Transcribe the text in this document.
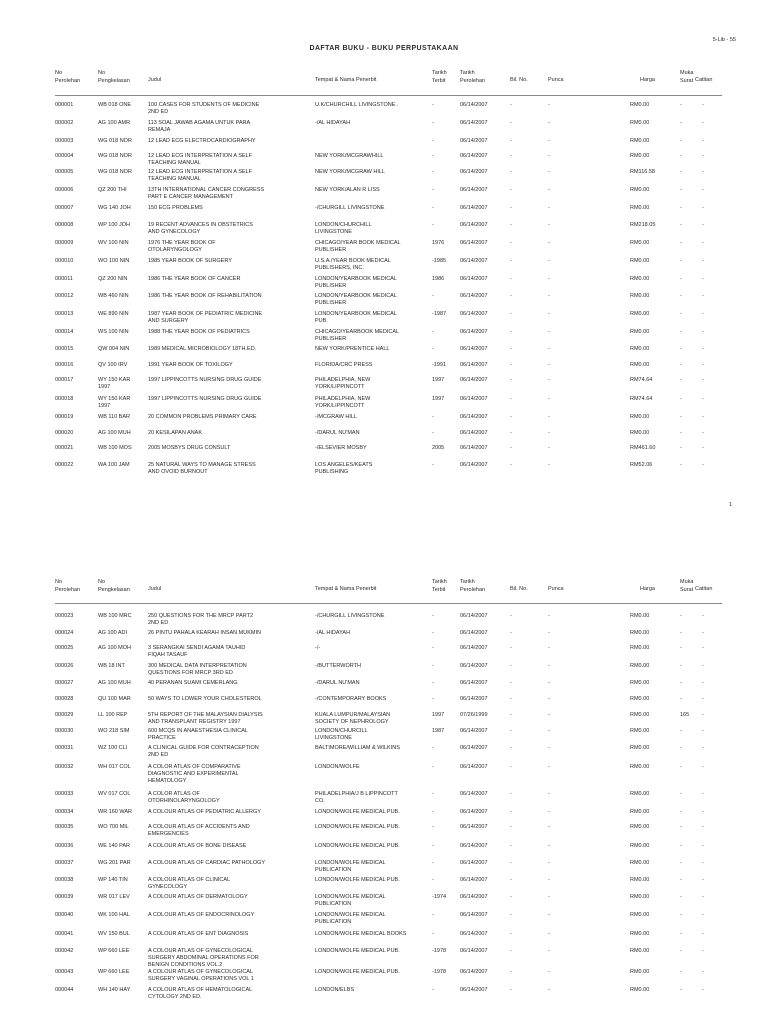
5-Lib - 55
DAFTAR BUKU - BUKU PERPUSTAKAAN
No
Perolehan
No
Pengkelasan	Judul	Tempat & Nama Penerbit
Tarikh
Terbit
Tarikh
Perolehan	Bil. No.	Punca	Harga
Muka
Surat Catitan
000001	WB 018 ONE	100 CASES FOR STUDENTS OF MEDICINE
2ND ED
U.K/CHURCHILL LIVINGSTONE .	-	06/14/2007	-	-	RM0.00	-	-
000002	AG 100 AMR	113 SOAL JAWAB AGAMA UNTUK PARA
REMAJA
-/AL HIDAYAH	-	06/14/2007	-	-	RM0.00	-	-
000003	WG 018 NOR	12 LEAD ECG ELECTROCARDIOGRAPHY	-	06/14/2007	-	-	RM0.00	-	-
000004	WG 018 NOR	12 LEAD ECG INTERPRETATION A SELF
TEACHING MANUAL
NEW YORK/MCGRAWHILL	-	06/14/2007	-	-	RM0.00	-	-
000005	WG 018 NOR	12 LEAD ECG INTERPRETATION A SELF
TEACHING MANUAL
NEW YORK/MCGRAW HILL	-	06/14/2007	-	-	RM116.58	-	-
000006	QZ 200 THI	13TH INTERNATIONAL CANCER CONGRESS
PART E CANCER MANAGEMENT
NEW YORK/ALAN R LISS	-	06/14/2007	-	-	RM0.00	-	-
000007	WG 140 JOH	150 ECG PROBLEMS	-/CHURGILL LIVINGSTONE	-	06/14/2007	-	-	RM0.00	-	-
000008	WP 100 JOH	19 RECENT ADVANCES IN OBSTETRICS
AND GYNECOLOGY
LONDON/CHURCHILL
LIVINGSTONE
-	06/14/2007	-	-	RM218.05	-	-
000009	WV 100 NIN	1976 THE YEAR BOOK OF
OTOLARYNGOLOGY
CHICAGO/YEAR BOOK MEDICAL
PUBLISHER
1976	06/14/2007	-	-	RM0.00	-	-
000010	WO 100 NIN	1985 YEAR BOOK OF SURGERY	U.S.A./YEAR BOOK MEDICAL
PUBLISHERS, INC.
-1985	06/14/2007	-	-	RM0.00	-	-
000011	QZ 200 NIN	1986 THE YEAR BOOK OF CANCER	LONDON/YEARBOOK MEDICAL
PUBLISHER
1986	06/14/2007	-	-	RM0.00	-	-
000012	WB 460 NIN	1986 THE YEAR BOOK OF REHABILITATION	LONDON/YEARBOOK MEDICAL
PUBLISHER
-	06/14/2007	-	-	RM0.00	-	-
000013	WE 890 NIN	1987 YEAR BOOK OF PEDIATRIC MEDICINE
AND SURGERY
LONDON/YEARBOOK MEDICAL
PUB.
-1987	06/14/2007	-	-	RM0.00	-	-
000014	WS 100 NIN	1988 THE YEAR BOOK OF PEDIATRICS	CHICAGO/YEARBOOK MEDICAL
PUBLISHER
-	06/14/2007	-	-	RM0.00	-	-
000015	QW 004 NIN	1989 MEDICAL MICROBIOLOGY 18TH.ED.	NEW YORK/PRENTICE HALL	-	06/14/2007	-	-	RM0.00	-	-
000016	QV 100 IRV	1991 YEAR BOOK OF TOXILOGY	FLORIDA/CRC PRESS	-1991	06/14/2007	-	-	RM0.00	-	-
000017	WY 150 KAR
1997
1997 LIPPINCOTTS NURSING DRUG GUIDE	PHILADELPHIA, NEW
YORK/LIPPINCOTT
1997	06/14/2007	-	-	RM74.64	-	-
000018	WY 150 KAR
1997
1997 LIPPINCOTTS NURSING DRUG GUIDE	PHILADELPHIA, NEW
YORK/LIPPINCOTT
1997	06/14/2007	-	-	RM74.64	-	-
000019	WB 110 BAR	20 COMMON PROBLEMS PRIMARY CARE	-/MCGRAW HILL	-	06/14/2007	-	-	RM0.00	-	-
000020	AG 100 MUH	20 KESILAPAN ANAK	-/DARUL NU'MAN	-	06/14/2007	-	-	RM0.00	-	-
000021	WB 100 MOS	2005 MOSBYS DRUG CONSULT	-/ELSEVIER MOSBY	2005	06/14/2007	-	-	RM461.60	-	-
000022	WA 100 JAM	25 NATURAL WAYS TO MANAGE STRESS
AND OVOID BURNOUT
LOS ANGELES/KEATS
PUBLISHING
-	06/14/2007	-	-	RM52.06	-	-
1
No
Perolehan
No
Pengkelasan	Judul	Tempat & Nama Penerbit
Tarikh
Terbit
Tarikh
Perolehan	Bil. No.	Punca	Harga
Muka
Surat Catitan
000023	WB 100 MRC	250 QUESTIONS FOR THE MRCP PART2
2ND ED
-/CHURGILL LIVINGSTONE	-	06/14/2007	-	-	RM0.00	-	-
000024	AG 100 ADI	26 PINTU PAHALA KEARAH INSAN MUKMIN	-/AL HIDAYAH	-	06/14/2007	-	-	RM0.00	-	-
000025	AG 100 MOH	3 SERANGKAI SENDI AGAMA TAUHID
FIQAH TASAUF
-/-	-	06/14/2007	-	-	RM0.00	-	-
000026	WB 18 INT	300 MEDICAL DATA INTERPRETATION
QUESTIONS FOR MRCP 3RD ED
-/BUTTERWORTH	-	06/14/2007	-	-	RM0.00	-	-
000027	AG 100 MUH	40 PERANAN SUAMI CEMERLANG	-/DARUL NU'MAN	-	06/14/2007	-	-	RM0.00	-	-
000028	QU 100 MAR	50 WAYS TO LOWER YOUR CHOLESTEROL	-/CONTEMPORARY BOOKS	-	06/14/2007	-	-	RM0.00	-	-
000029	LL 100 REP	5TH REPORT OF THE MALAYSIAN DIALYSIS
AND TRANSPLANT REGISTRY 1997
KUALA LUMPUR/MALAYSIAN
SOCIETY OF NEPHROLOGY
1997	07/26/1999	-	-	RM0.00	165 -
000030	WO 218 SIM	600 MCQS IN ANAESTHESIA CLINICAL
PRACTICE
LONDON/CHURCILL
LIVINGSTONE
1987	06/14/2007	-	-	RM0.00	-	-
000031	WZ 100 CLI	A CLINICAL GUIDE FOR CONTRACEPTION
2ND ED
BALTIMORE/WILLIAM & WILKINS	-	06/14/2007	-	-	RM0.00	-	-
000032	WH 017 COL	A COLOR ATLAS OF COMPARATIVE
DIAGNOSTIC AND EXPERIMENTAL
HEMATOLOGY
LONDON/WOLFE	-	06/14/2007	-	-	RM0.00	-	-
000033	WV 017 COL	A COLOR ATLAS OF
OTORHINOLARYNGOLOGY
PHILADELPHIA/J B LIPPINCOTT
CO.
-	06/14/2007	-	-	RM0.00	-	-
000034	WR 160 WAR	A COLOUR ATLAS OF PEDIATRIC ALLERGY	LONDON/WOLFE MEDICAL PUB.	-	06/14/2007	-	-	RM0.00	-	-
000035	WO 700 MIL	A COLOUR ATLAS OF ACCIDENTS AND
EMERGENCIES
LONDON/WOLFE MEDICAL PUB.	-	06/14/2007	-	-	RM0.00	-	-
000036	WE 140 PAR	A COLOUR ATLAS OF BONE DISEASE	LONDON/WOLFE MEDICAL PUB.	-	06/14/2007	-	-	RM0.00	-	-
000037	WG 201 PAR	A COLOUR ATLAS OF CARDIAC PATHOLOGY	LONDON/WOLFE MEDICAL
PUBLICATION
-	06/14/2007	-	-	RM0.00	-	-
000038	WP 140 TIN	A COLOUR ATLAS OF CLINICAL
GYNECOLOGY
LONDON/WOLFE MEDICAL PUB.	-	06/14/2007	-	-	RM0.00	-	-
000039	WR 017 LEV	A COLOUR ATLAS OF DERMATOLOGY	LONDON/WOLFE MEDICAL
PUBLICATION
-1974	06/14/2007	-	-	RM0.00	-	-
000040	WK 100 HAL	A COLOUR ATLAS OF ENDOCRINOLOGY	LONDON/WOLFE MEDICAL
PUBLICATION
-	06/14/2007	-	-	RM0.00	-	-
000041	WV 150 BUL	A COLOUR ATLAS OF ENT DIAGNOSIS	LONDON/WOLFE MEDICAL BOOKS	-	06/14/2007	-	-	RM0.00	-	-
000042	WP 660 LEE	A COLOUR ATLAS OF GYNECOLOGICAL
SURGERY ABDOMINAL OPERATIONS FOR
BENIGN CONDITIONS VOL.2
LONDON/WOLFE MEDICAL PUB.	-1978	06/14/2007	-	-	RM0.00	-	-
000043	WP 660 LEE	A COLOUR ATLAS OF GYNECOLOGICAL
SURGERY VAGINAL OPERATIONS VOL 1
LONDON/WOLFE MEDICAL PUB.	-1978	06/14/2007	-	-	RM0.00	-	-
000044	WH 140 HAY	A COLOUR ATLAS OF HEMATOLOGICAL
CYTOLOGY 2ND ED.
LONDON/ELBS	-	06/14/2007	-	-	RM0.00	-	-
